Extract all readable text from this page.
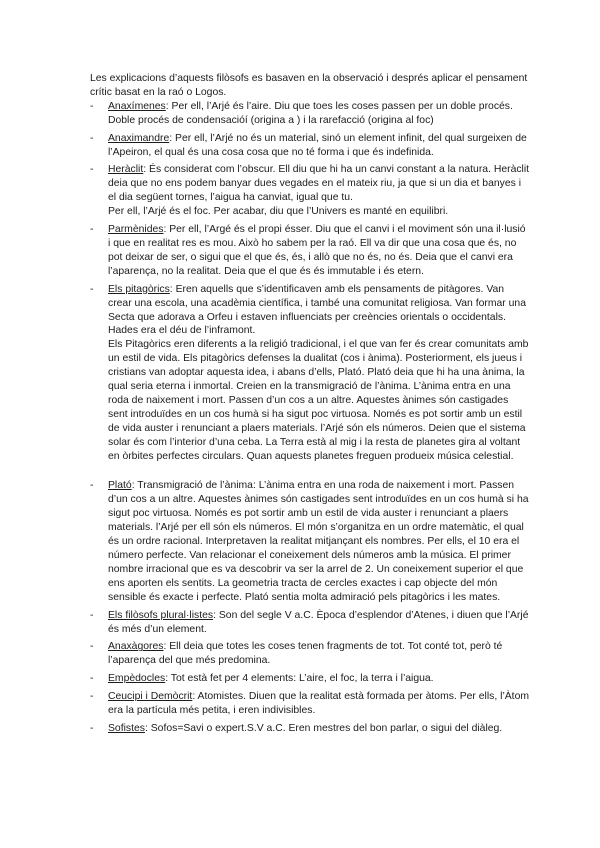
Les explicacions d’aquests filòsofs es basaven en la observació i després aplicar el pensament crític basat en la raó o Logos.

- Anaxímenes: Per ell, l’Arjé és l’aire. Diu que toes les coses passen per un doble procés. Doble procés de condensacióí (origina a ) i la rarefacció (origina al foc)

- Anaximandre: Per ell, l’Arjé no és un material, sinó un element infinit, del qual surgeixen de l’Apeiron, el qual és una cosa cosa que no té forma i que és indefinida.

- Heràclit: És considerat com l’obscur. Ell diu que hi ha un canvi constant a la natura. Heràclit deia que no ens podem banyar dues vegades en el mateix riu, ja que si un dia et banyes i el dia següent tornes, l’aigua ha canviat, igual que tu.

Per ell, l’Arjé és el foc. Per acabar, diu que l’Univers es manté en equilibri.

- Parmènides: Per ell, l’Argé és el propi ésser. Diu que el canvi i el moviment són una il·lusió i que en realitat res es mou. Això ho sabem per la raó. Ell va dir que una cosa que és, no pot deixar de ser, o sigui que el que és, és, i allò que no és, no és. Deia que el canvi era l’aparença, no la realitat. Deia que el que és és immutable i és etern.

- Els pitagòrics: Eren aquells que s’identificaven amb els pensaments de pitàgores. Van crear una escola, una acadèmia científica, i també una comunitat religiosa. Van formar una Secta que adorava a Orfeu i estaven influenciats per creències orientals o occidentals. Hades era el déu de l’inframont.

Els Pitagòrics eren diferents a la religió tradicional, i el que van fer és crear comunitats amb un estil de vida. Els pitagòrics defenses la dualitat (cos i ànima). Posteriorment, els jueus i cristians van adoptar aquesta idea, i abans d’ells, Plató. Plató deia que hi ha una ànima, la qual seria eterna i inmortal. Creien en la transmigració de l’ànima. L’ànima entra en una roda de naixement i mort. Passen d’un cos a un altre. Aquestes ànimes són castigades sent introduïdes en un cos humà si ha sigut poc virtuosa. Només es pot sortir amb un estil de vida auster i renunciant a plaers materials. l’Arjé són els números. Deien que el sistema solar és com l’interior d’una ceba. La Terra està al mig i la resta de planetes gira al voltant en òrbites perfectes circulars. Quan aquests planetes freguen produeix música celestial.

- Plató: Transmigració de l’ànima: L’ànima entra en una roda de naixement i mort. Passen d’un cos a un altre. Aquestes ànimes són castigades sent introduïdes en un cos humà si ha sigut poc virtuosa. Només es pot sortir amb un estil de vida auster i renunciant a plaers materials. l’Arjé per ell són els números. El món s’organitza en un ordre matemàtic, el qual és un ordre racional. Interpretaven la realitat mitjançant els nombres. Per ells, el 10 era el número perfecte. Van relacionar el coneixement dels números amb la música. El primer nombre irracional que es va descobrir va ser la arrel de 2. Un coneixement superior el que ens aporten els sentits. La geometria tracta de cercles exactes i cap objecte del món sensible és exacte i perfecte. Plató sentia molta admiració pels pitagòrics i les mates.

- Els filòsofs plural·listes: Son del segle V a.C. Època d’esplendor d’Atenes, i diuen que l’Arjé és més d’un element.

- Anaxàgores: Ell deia que totes les coses tenen fragments de tot. Tot conté tot, però té l’aparença del que més predomina.

- Empèdocles: Tot està fet per 4 elements: L’aire, el foc, la terra i l’aigua.

- Ceucipi i Demòcrit: Atomistes. Diuen que la realitat està formada per àtoms. Per ells, l’Àtom era la partícula més petita, i eren indivisibles.

- Sofistes: Sofos=Savi o expert.S.V a.C. Eren mestres del bon parlar, o sigui del diàleg.
